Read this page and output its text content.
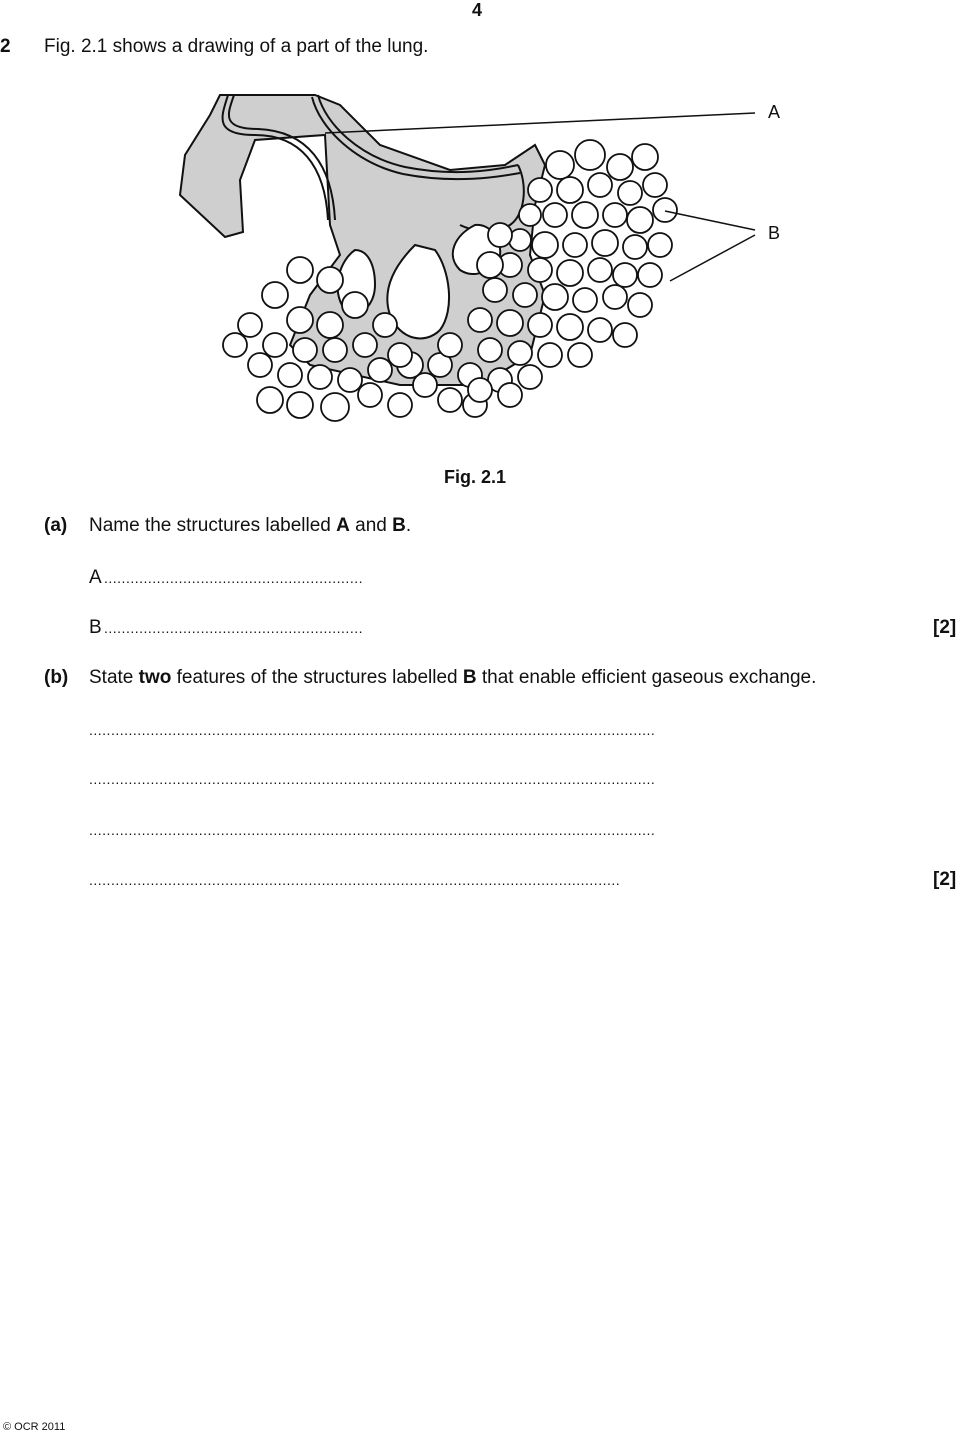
4
2 Fig. 2.1 shows a drawing of a part of the lung.
A
B
Fig. 2.1
(a) Name the structures labelled A and B.
A ...........................................................
B ...........................................................	[2]
(b) State two features of the structures labelled B that enable efficient gaseous exchange.
.................................................................................................................................
.................................................................................................................................
.................................................................................................................................
.........................................................................................................................	[2]
© OCR 2011
